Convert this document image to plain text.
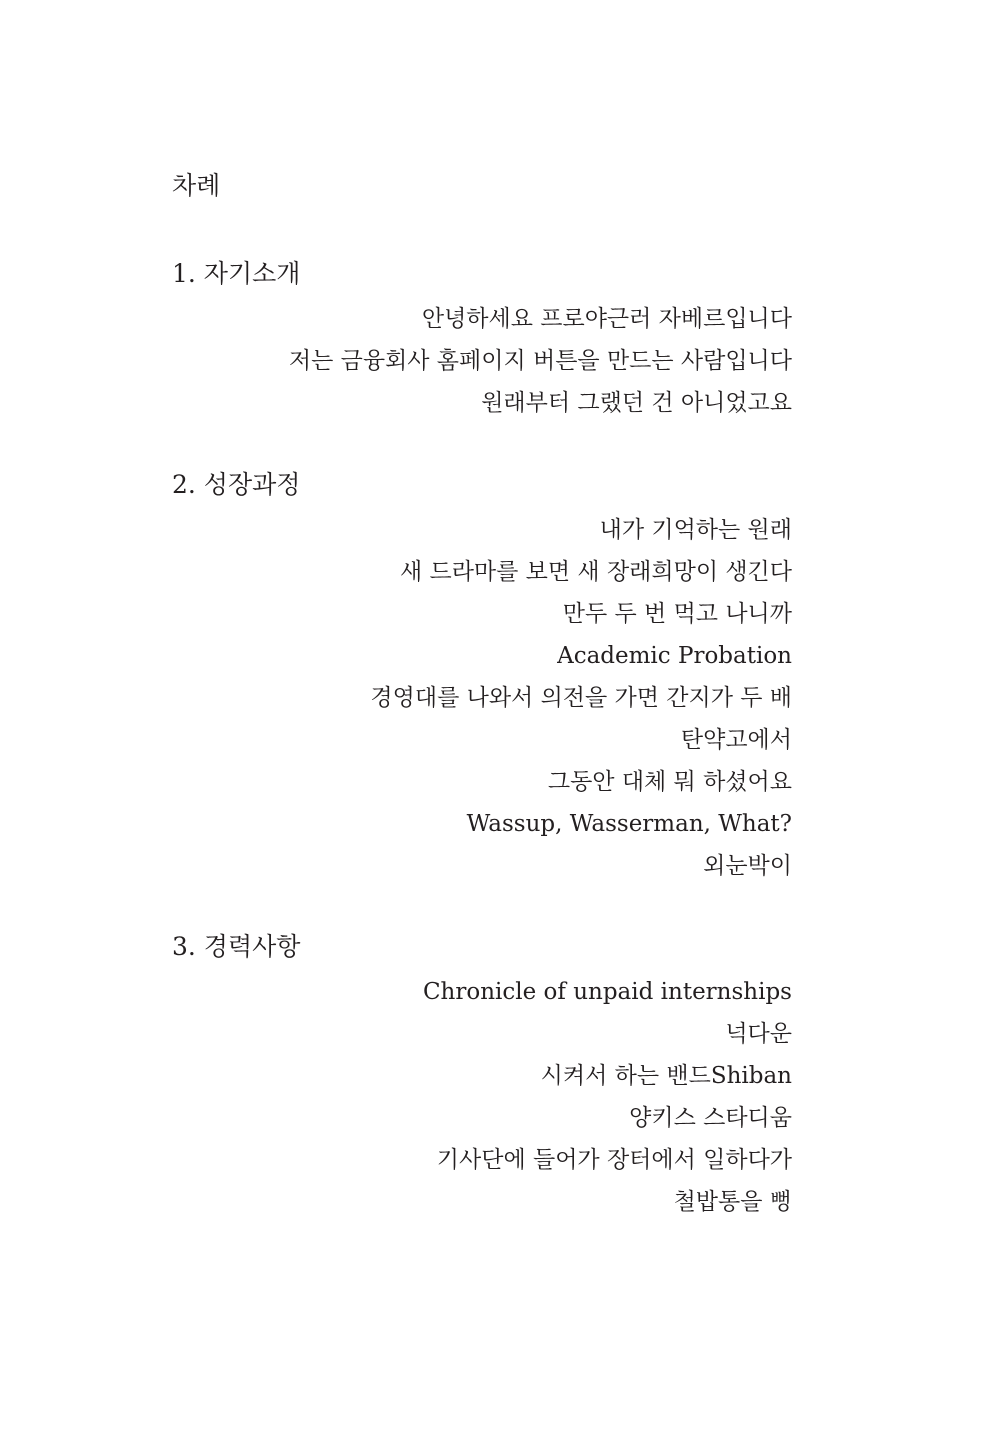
차례
1. 자기소개
안녕하세요 프로야근러 자베르입니다
저는 금융회사 홈페이지 버튼을 만드는 사람입니다
원래부터 그랬던 건 아니었고요
2. 성장과정
내가 기억하는 원래
새 드라마를 보면 새 장래희망이 생긴다
만두 두 번 먹고 나니까
Academic Probation
경영대를 나와서 의전을 가면 간지가 두 배
탄약고에서
그동안 대체 뭐 하셨어요
Wassup, Wasserman, What?
외눈박이
3. 경력사항
Chronicle of unpaid internships
넉다운
시켜서 하는 밴드Shiban
양키스 스타디움
기사단에 들어가 장터에서 일하다가
철밥통을 뻥
